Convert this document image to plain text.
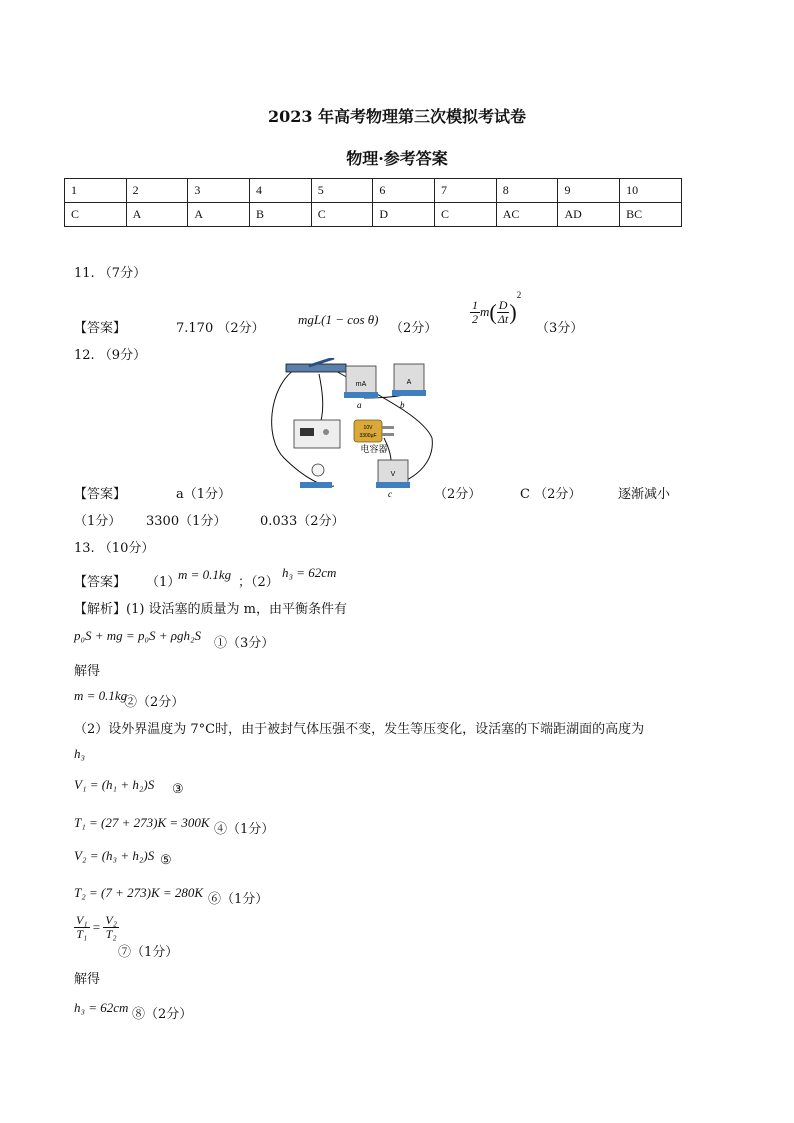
2023 年高考物理第三次模拟考试卷
物理·参考答案
1	2	3	4	5	6	7	8	9	10
C	A	A	B	C	D	C	AC	AD	BC
11. （7分）
【答案】	7.170 （2分）
mgL(1 − cos θ)
（2分）
$\frac{1}{2} m( \frac{D}{\Delta t} )^2$
（3分）
12. （9分）
mA
a
A
b
10V
3300μF
电容器
V
c
【答案】	a（1分）	（2分）	C （2分）	逐渐减小
（1分） 3300（1分）	0.033（2分）
13. （10分）
【答案】 （1）
m = 0.1kg
；（2）
h₃ = 62cm
【解析】(1) 设活塞的质量为 m，由平衡条件有
p₀S + mg = p₀S + ρgh₂S
①（3分）
解得
m = 0.1kg
②（2分）
（2）设外界温度为 7°C时，由于被封气体压强不变，发生等压变化，设活塞的下端距湖面的高度为
h₃
V₁ = (h₁ + h₂)S ③
T₁ = (27 + 273)K = 300K ④（1分）
V₂ = (h₃ + h₂)S ⑤
T₂ = (7 + 273)K = 280K ⑥（1分）
$\frac{\text{V₁}}{\text{T₁}} = \frac{\text{V₂}}{\text{T₂}}$
⑦（1分）
解得
h₃ = 62cm ⑧（2分）
